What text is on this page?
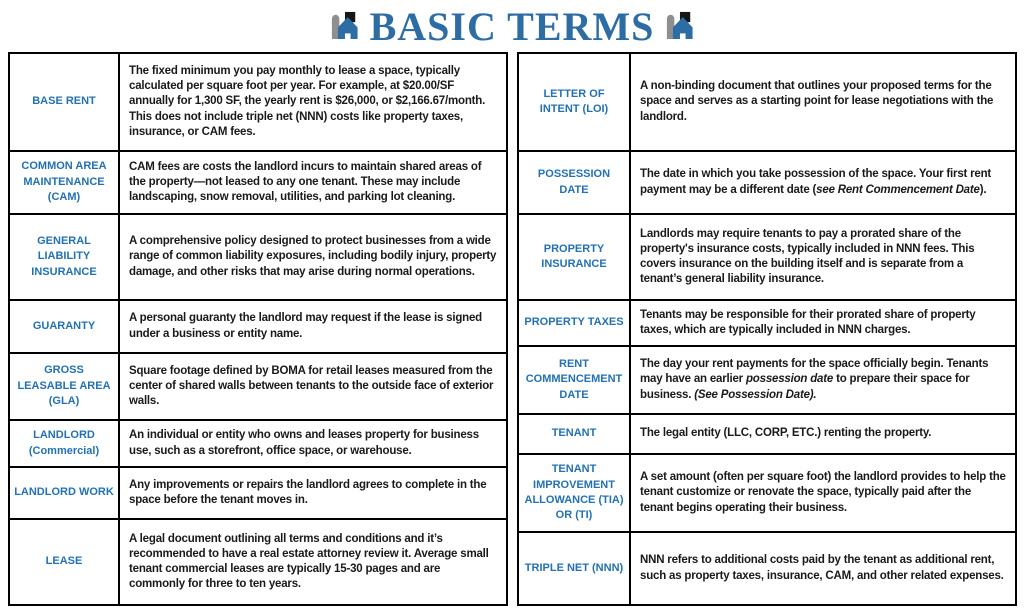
BASIC TERMS
BASE RENT	The fixed minimum you pay monthly to lease a space, typically calculated per square foot per year. For example, at $20.00/SF annually for 1,300 SF, the yearly rent is $26,000, or $2,166.67/month. This does not include triple net (NNN) costs like property taxes, insurance, or CAM fees.
COMMON AREA MAINTENANCE (CAM)	CAM fees are costs the landlord incurs to maintain shared areas of the property—not leased to any one tenant. These may include landscaping, snow removal, utilities, and parking lot cleaning.
GENERAL LIABILITY INSURANCE	A comprehensive policy designed to protect businesses from a wide range of common liability exposures, including bodily injury, property damage, and other risks that may arise during normal operations.
GUARANTY	A personal guaranty the landlord may request if the lease is signed under a business or entity name.
GROSS LEASABLE AREA (GLA)	Square footage defined by BOMA for retail leases measured from the center of shared walls between tenants to the outside face of exterior walls.
LANDLORD (Commercial)	An individual or entity who owns and leases property for business use, such as a storefront, office space, or warehouse.
LANDLORD WORK	Any improvements or repairs the landlord agrees to complete in the space before the tenant moves in.
LEASE	A legal document outlining all terms and conditions and it’s recommended to have a real estate attorney review it. Average small tenant commercial leases are typically 15-30 pages and are commonly for three to ten years.
LETTER OF INTENT (LOI)	A non-binding document that outlines your proposed terms for the space and serves as a starting point for lease negotiations with the landlord.
POSSESSION DATE	The date in which you take possession of the space. Your first rent payment may be a different date (see Rent Commencement Date).
PROPERTY INSURANCE	Landlords may require tenants to pay a prorated share of the property's insurance costs, typically included in NNN fees. This covers insurance on the building itself and is separate from a tenant’s general liability insurance.
PROPERTY TAXES	Tenants may be responsible for their prorated share of property taxes, which are typically included in NNN charges.
RENT COMMENCEMENT DATE	The day your rent payments for the space officially begin. Tenants may have an earlier possession date to prepare their space for business. (See Possession Date).
TENANT	The legal entity (LLC, CORP, ETC.) renting the property.
TENANT IMPROVEMENT ALLOWANCE (TIA) OR (TI)	A set amount (often per square foot) the landlord provides to help the tenant customize or renovate the space, typically paid after the tenant begins operating their business.
TRIPLE NET (NNN)	NNN refers to additional costs paid by the tenant as additional rent, such as property taxes, insurance, CAM, and other related expenses.
